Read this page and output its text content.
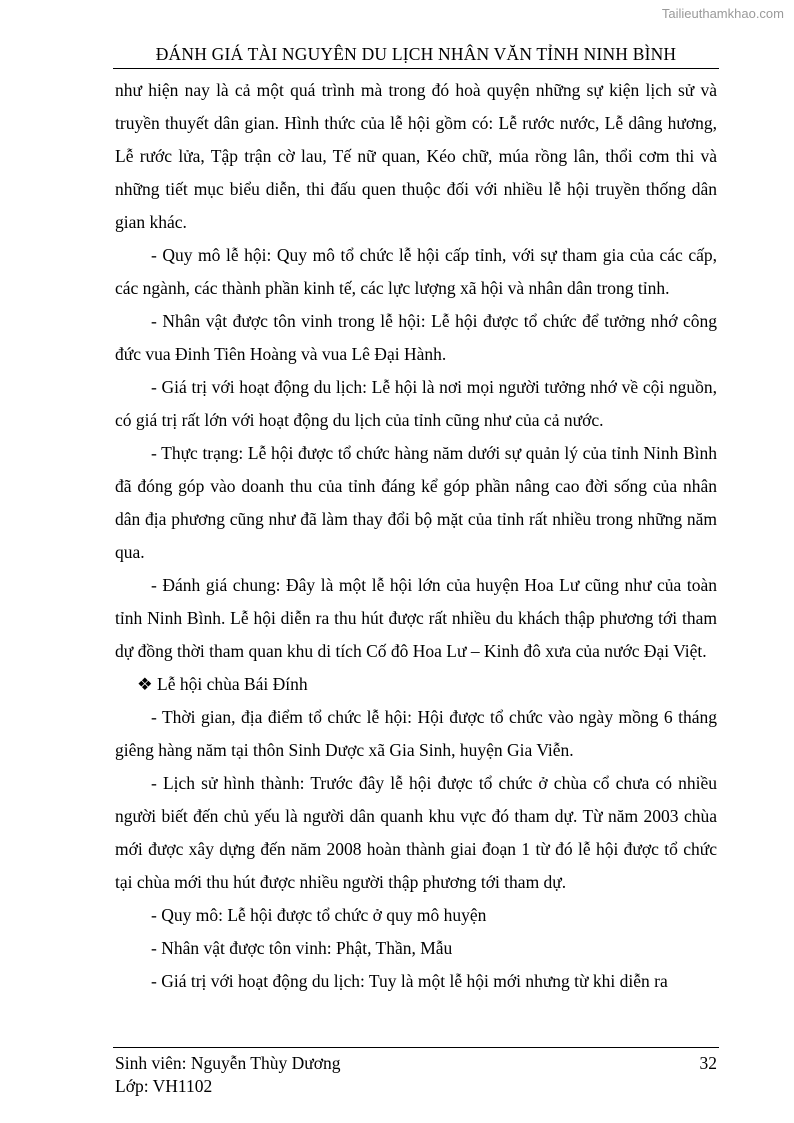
Tailieuthamkhao.com
ĐÁNH GIÁ TÀI NGUYÊN DU LỊCH NHÂN VĂN TỈNH NINH BÌNH

như hiện nay là cả một quá trình mà trong đó hoà quyện những sự kiện lịch sử và truyền thuyết dân gian. Hình thức của lễ hội gồm có: Lễ rước nước, Lễ dâng hương, Lễ rước lửa, Tập trận cờ lau, Tế nữ quan, Kéo chữ, múa rồng lân, thổi cơm thi và những tiết mục biểu diễn, thi đấu quen thuộc đối với nhiều lễ hội truyền thống dân gian khác.

- Quy mô lễ hội: Quy mô tổ chức lễ hội cấp tỉnh, với sự tham gia của các cấp, các ngành, các thành phần kinh tế, các lực lượng xã hội và nhân dân trong tỉnh.

- Nhân vật được tôn vinh trong lễ hội: Lễ hội được tổ chức để tưởng nhớ công đức vua Đinh Tiên Hoàng và vua Lê Đại Hành.

- Giá trị với hoạt động du lịch: Lễ hội là nơi mọi người tưởng nhớ về cội nguồn, có giá trị rất lớn với hoạt động du lịch của tỉnh cũng như của cả nước.

- Thực trạng: Lễ hội được tổ chức hàng năm dưới sự quản lý của tỉnh Ninh Bình đã đóng góp vào doanh thu của tỉnh đáng kể góp phần nâng cao đời sống của nhân dân địa phương cũng như đã làm thay đổi bộ mặt của tỉnh rất nhiều trong những năm qua.

- Đánh giá chung: Đây là một lễ hội lớn của huyện Hoa Lư cũng như của toàn tỉnh Ninh Bình. Lễ hội diễn ra thu hút được rất nhiều du khách thập phương tới tham dự đồng thời tham quan khu di tích Cố đô Hoa Lư – Kinh đô xưa của nước Đại Việt.

❖ Lễ hội chùa Bái Đính

- Thời gian, địa điểm tổ chức lễ hội: Hội được tổ chức vào ngày mồng 6 tháng giêng hàng năm tại thôn Sinh Dược xã Gia Sinh, huyện Gia Viễn.

- Lịch sử hình thành: Trước đây lễ hội được tổ chức ở chùa cổ chưa có nhiều người biết đến chủ yếu là người dân quanh khu vực đó tham dự. Từ năm 2003 chùa mới được xây dựng đến năm 2008 hoàn thành giai đoạn 1 từ đó lễ hội được tổ chức tại chùa mới thu hút được nhiều người thập phương tới tham dự.

- Quy mô: Lễ hội được tổ chức ở quy mô huyện

- Nhân vật được tôn vinh: Phật, Thần, Mẫu

- Giá trị với hoạt động du lịch: Tuy là một lễ hội mới nhưng từ khi diễn ra

Sinh viên: Nguyễn Thùy Dương
Lớp: VH1102
32
